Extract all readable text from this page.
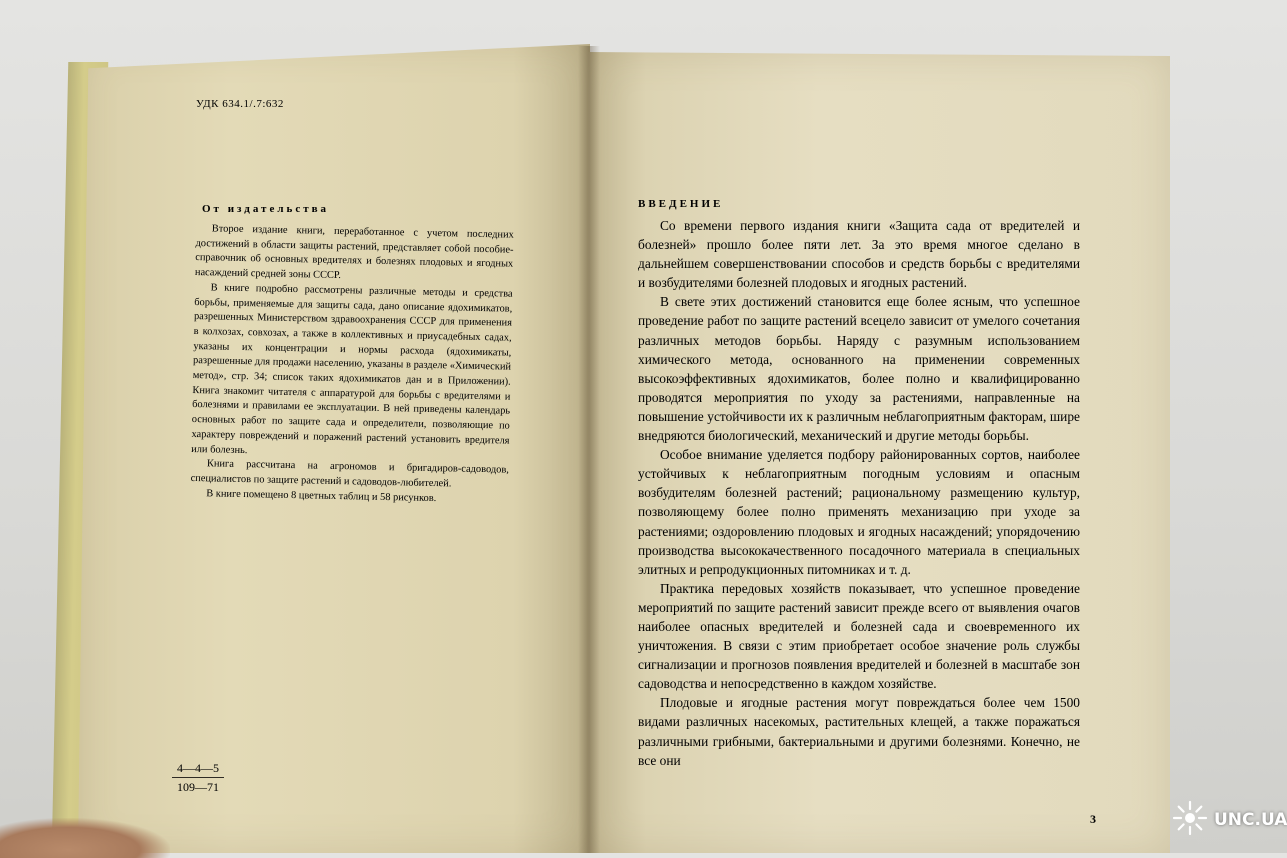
УДК 634.1/.7:632
От издательства

Второе издание книги, переработанное с учетом последних достижений в области защиты растений, представляет собой пособие-справочник об основных вредителях и болезнях плодовых и ягодных насаждений средней зоны СССР.

В книге подробно рассмотрены различные методы и средства борьбы, применяемые для защиты сада, дано описание ядохимикатов, разрешенных Министерством здравоохранения СССР для применения в колхозах, совхозах, а также в коллективных и приусадебных садах, указаны их концентрации и нормы расхода (ядохимикаты, разрешенные для продажи населению, указаны в разделе «Химический метод», стр. 34; список таких ядохимикатов дан и в Приложении). Книга знакомит читателя с аппаратурой для борьбы с вредителями и болезнями и правилами ее эксплуатации. В ней приведены календарь основных работ по защите сада и определители, позволяющие по характеру повреждений и поражений растений установить вредителя или болезнь.

Книга рассчитана на агрономов и бригадиров-садоводов, специалистов по защите растений и садоводов-любителей.

В книге помещено 8 цветных таблиц и 58 рисунков.

4—4—5
109—71
ВВЕДЕНИЕ

Со времени первого издания книги «Защита сада от вредителей и болезней» прошло более пяти лет. За это время многое сделано в дальнейшем совершенствовании способов и средств борьбы с вредителями и возбудителями болезней плодовых и ягодных растений.

В свете этих достижений становится еще более ясным, что успешное проведение работ по защите растений всецело зависит от умелого сочетания различных методов борьбы. Наряду с разумным использованием химического метода, основанного на применении современных высокоэффективных ядохимикатов, более полно и квалифицированно проводятся мероприятия по уходу за растениями, направленные на повышение устойчивости их к различным неблагоприятным факторам, шире внедряются биологический, механический и другие методы борьбы.

Особое внимание уделяется подбору районированных сортов, наиболее устойчивых к неблагоприятным погодным условиям и опасным возбудителям болезней растений; рациональному размещению культур, позволяющему более полно применять механизацию при уходе за растениями; оздоровлению плодовых и ягодных насаждений; упорядочению производства высококачественного посадочного материала в специальных элитных и репродукционных питомниках и т. д.

Практика передовых хозяйств показывает, что успешное проведение мероприятий по защите растений зависит прежде всего от выявления очагов наиболее опасных вредителей и болезней сада и своевременного их уничтожения. В связи с этим приобретает особое значение роль службы сигнализации и прогнозов появления вредителей и болезней в масштабе зон садоводства и непосредственно в каждом хозяйстве.

Плодовые и ягодные растения могут повреждаться более чем 1500 видами различных насекомых, растительных клещей, а также поражаться различными грибными, бактериальными и другими болезнями. Конечно, не все они

3	UNC.UA
